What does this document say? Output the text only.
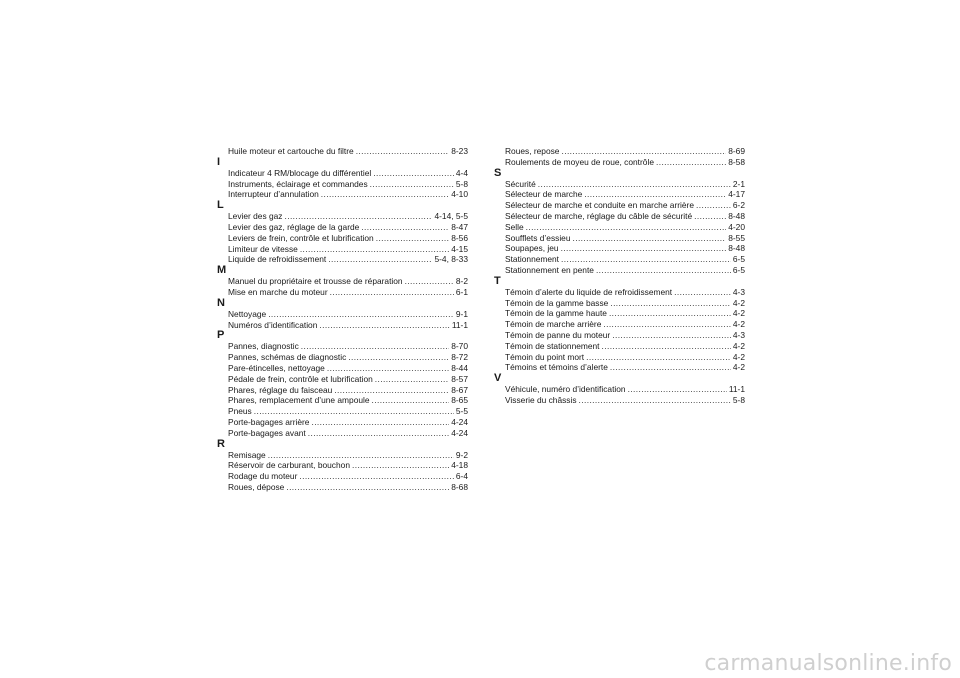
Huile moteur et cartouche du filtre .....	8-23
I
Indicateur 4 RM/blocage du différentiel .....	4-4
Instruments, éclairage et commandes .....	5-8
Interrupteur d’annulation .....	4-10
L
Levier des gaz .....	4-14, 5-5
Levier des gaz, réglage de la garde .....	8-47
Leviers de frein, contrôle et lubrification .....	8-56
Limiteur de vitesse .....	4-15
Liquide de refroidissement .....	5-4, 8-33
M
Manuel du propriétaire et trousse de réparation .....	8-2
Mise en marche du moteur .....	6-1
N
Nettoyage .....	9-1
Numéros d’identification .....	11-1
P
Pannes, diagnostic .....	8-70
Pannes, schémas de diagnostic .....	8-72
Pare-étincelles, nettoyage .....	8-44
Pédale de frein, contrôle et lubrification .....	8-57
Phares, réglage du faisceau .....	8-67
Phares, remplacement d’une ampoule .....	8-65
Pneus .....	5-5
Porte-bagages arrière .....	4-24
Porte-bagages avant .....	4-24
R
Remisage .....	9-2
Réservoir de carburant, bouchon .....	4-18
Rodage du moteur .....	6-4
Roues, dépose .....	8-68
Roues, repose .....	8-69
Roulements de moyeu de roue, contrôle .....	8-58
S
Sécurité .....	2-1
Sélecteur de marche .....	4-17
Sélecteur de marche et conduite en marche arrière .....	6-2
Sélecteur de marche, réglage du câble de sécurité .....	8-48
Selle .....	4-20
Soufflets d’essieu .....	8-55
Soupapes, jeu .....	8-48
Stationnement .....	6-5
Stationnement en pente .....	6-5
T
Témoin d’alerte du liquide de refroidissement .....	4-3
Témoin de la gamme basse .....	4-2
Témoin de la gamme haute .....	4-2
Témoin de marche arrière .....	4-2
Témoin de panne du moteur .....	4-3
Témoin de stationnement .....	4-2
Témoin du point mort .....	4-2
Témoins et témoins d’alerte .....	4-2
V
Véhicule, numéro d’identification .....	11-1
Visserie du châssis .....	5-8
carmanualsonline.info
